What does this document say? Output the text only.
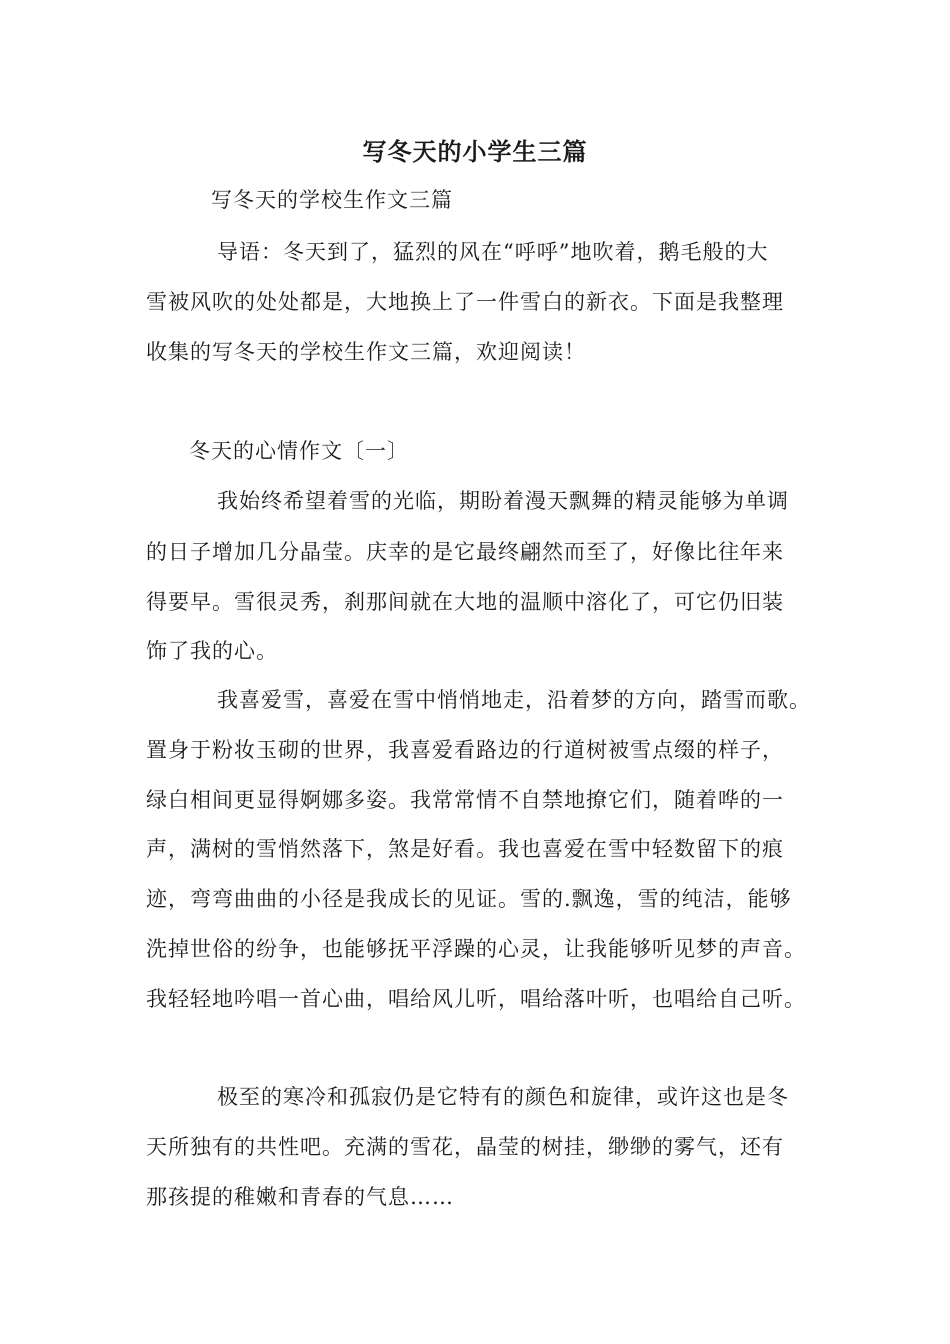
写冬天的小学生三篇
写冬天的学校生作文三篇
导语：冬天到了，猛烈的风在“呼呼”地吹着，鹅毛般的大
雪被风吹的处处都是，大地换上了一件雪白的新衣。下面是我整理
收集的写冬天的学校生作文三篇，欢迎阅读！
冬天的心情作文〔一〕
我始终希望着雪的光临，期盼着漫天飘舞的精灵能够为单调
的日子增加几分晶莹。庆幸的是它最终翩然而至了，好像比往年来
得要早。雪很灵秀，刹那间就在大地的温顺中溶化了，可它仍旧装
饰了我的心。
我喜爱雪，喜爱在雪中悄悄地走，沿着梦的方向，踏雪而歌。
置身于粉妆玉砌的世界，我喜爱看路边的行道树被雪点缀的样子，
绿白相间更显得婀娜多姿。我常常情不自禁地撩它们，随着哗的一
声，满树的雪悄然落下，煞是好看。我也喜爱在雪中轻数留下的痕
迹，弯弯曲曲的小径是我成长的见证。雪的.飘逸，雪的纯洁，能够
洗掉世俗的纷争，也能够抚平浮躁的心灵，让我能够听见梦的声音。
我轻轻地吟唱一首心曲，唱给风儿听，唱给落叶听，也唱给自己听。
极至的寒冷和孤寂仍是它特有的颜色和旋律，或许这也是冬
天所独有的共性吧。充满的雪花，晶莹的树挂，缈缈的雾气，还有
那孩提的稚嫩和青春的气息……
